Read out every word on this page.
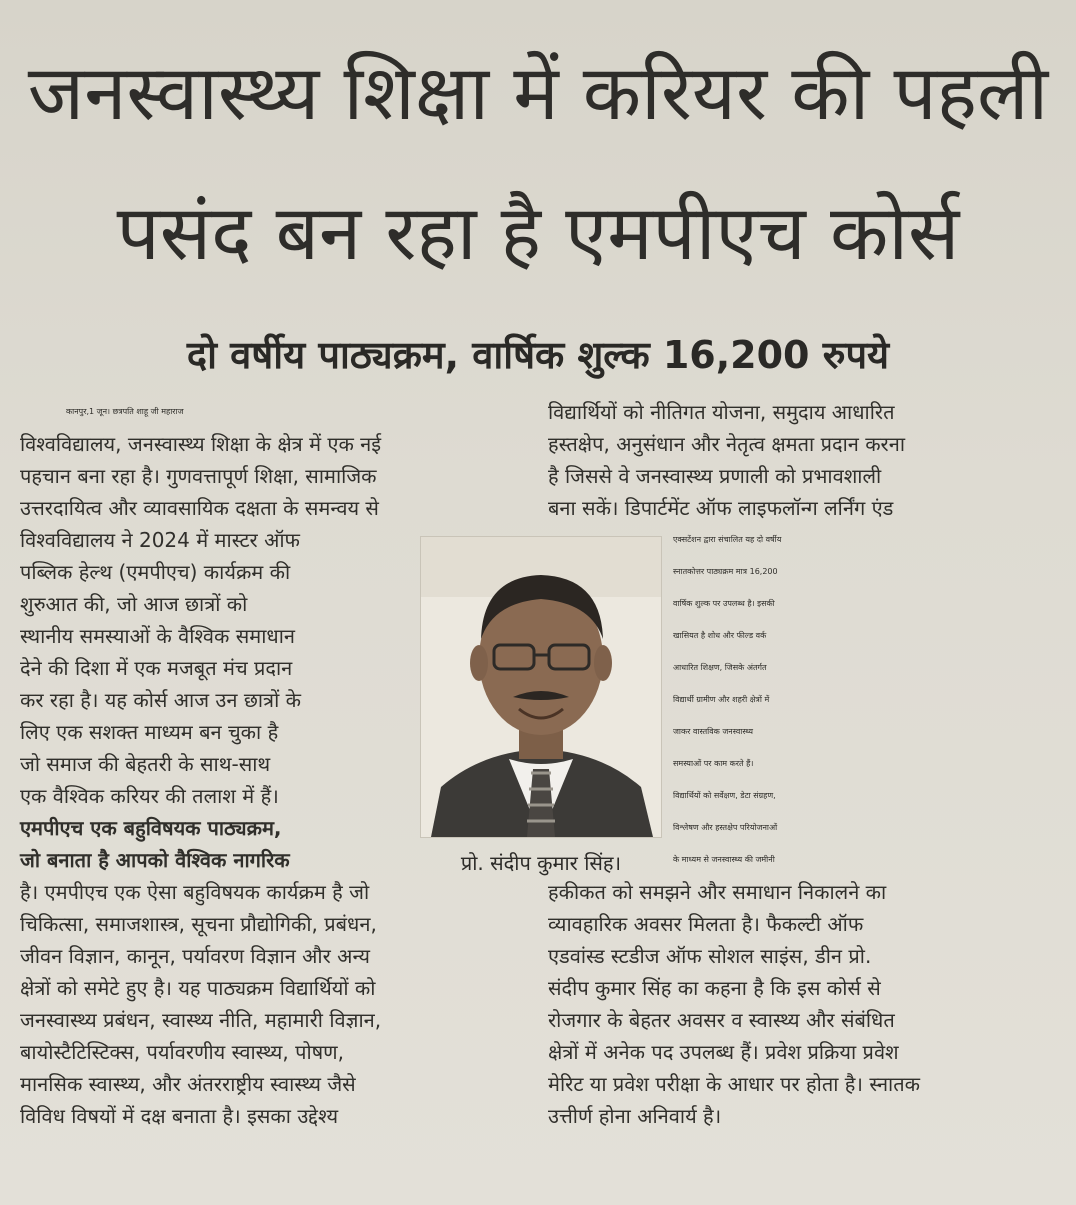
जनस्वास्थ्य शिक्षा में करियर की पहली
पसंद बन रहा है एमपीएच कोर्स
दो वर्षीय पाठ्यक्रम, वार्षिक शुल्क 16,200 रुपये
कानपुर,1 जून। छत्रपति शाहू जी महाराज
विश्वविद्यालय, जनस्वास्थ्य शिक्षा के क्षेत्र में एक नई
पहचान बना रहा है। गुणवत्तापूर्ण शिक्षा, सामाजिक
उत्तरदायित्व और व्यावसायिक दक्षता के समन्वय से
विश्वविद्यालय ने 2024 में मास्टर ऑफ
पब्लिक हेल्थ (एमपीएच) कार्यक्रम की
शुरुआत की, जो आज छात्रों को
स्थानीय समस्याओं के वैश्विक समाधान
देने की दिशा में एक मजबूत मंच प्रदान
कर रहा है। यह कोर्स आज उन छात्रों के
लिए एक सशक्त माध्यम बन चुका है
जो समाज की बेहतरी के साथ-साथ
एक वैश्विक करियर की तलाश में हैं।
एमपीएच एक बहुविषयक पाठ्यक्रम,
जो बनाता है आपको वैश्विक नागरिक
है। एमपीएच एक ऐसा बहुविषयक कार्यक्रम है जो
चिकित्सा, समाजशास्त्र, सूचना प्रौद्योगिकी, प्रबंधन,
जीवन विज्ञान, कानून, पर्यावरण विज्ञान और अन्य
क्षेत्रों को समेटे हुए है। यह पाठ्यक्रम विद्यार्थियों को
जनस्वास्थ्य प्रबंधन, स्वास्थ्य नीति, महामारी विज्ञान,
बायोस्टैटिस्टिक्स, पर्यावरणीय स्वास्थ्य, पोषण,
मानसिक स्वास्थ्य, और अंतरराष्ट्रीय स्वास्थ्य जैसे
विविध विषयों में दक्ष बनाता है। इसका उद्देश्य
विद्यार्थियों को नीतिगत योजना, समुदाय आधारित
हस्तक्षेप, अनुसंधान और नेतृत्व क्षमता प्रदान करना
है जिससे वे जनस्वास्थ्य प्रणाली को प्रभावशाली
बना सकें। डिपार्टमेंट ऑफ लाइफलॉन्ग लर्निंग एंड
एक्सटेंशन द्वारा संचालित यह दो वर्षीय
स्नातकोत्तर पाठ्यक्रम मात्र 16,200
वार्षिक शुल्क पर उपलब्ध है। इसकी
खासियत है शोध और फील्ड वर्क
आधारित शिक्षण, जिसके अंतर्गत
विद्यार्थी ग्रामीण और शहरी क्षेत्रों में
जाकर वास्तविक जनस्वास्थ्य
समस्याओं पर काम करते हैं।
विद्यार्थियों को सर्वेक्षण, डेटा संग्रहण,
विश्लेषण और हस्तक्षेप परियोजनाओं
के माध्यम से जनस्वास्थ्य की जमीनी
हकीकत को समझने और समाधान निकालने का
व्यावहारिक अवसर मिलता है। फैकल्टी ऑफ
एडवांस्ड स्टडीज ऑफ सोशल साइंस, डीन प्रो.
संदीप कुमार सिंह का कहना है कि इस कोर्स से
रोजगार के बेहतर अवसर व स्वास्थ्य और संबंधित
क्षेत्रों में अनेक पद उपलब्ध हैं। प्रवेश प्रक्रिया प्रवेश
मेरिट या प्रवेश परीक्षा के आधार पर होता है। स्नातक
उत्तीर्ण होना अनिवार्य है।
प्रो. संदीप कुमार सिंह।
